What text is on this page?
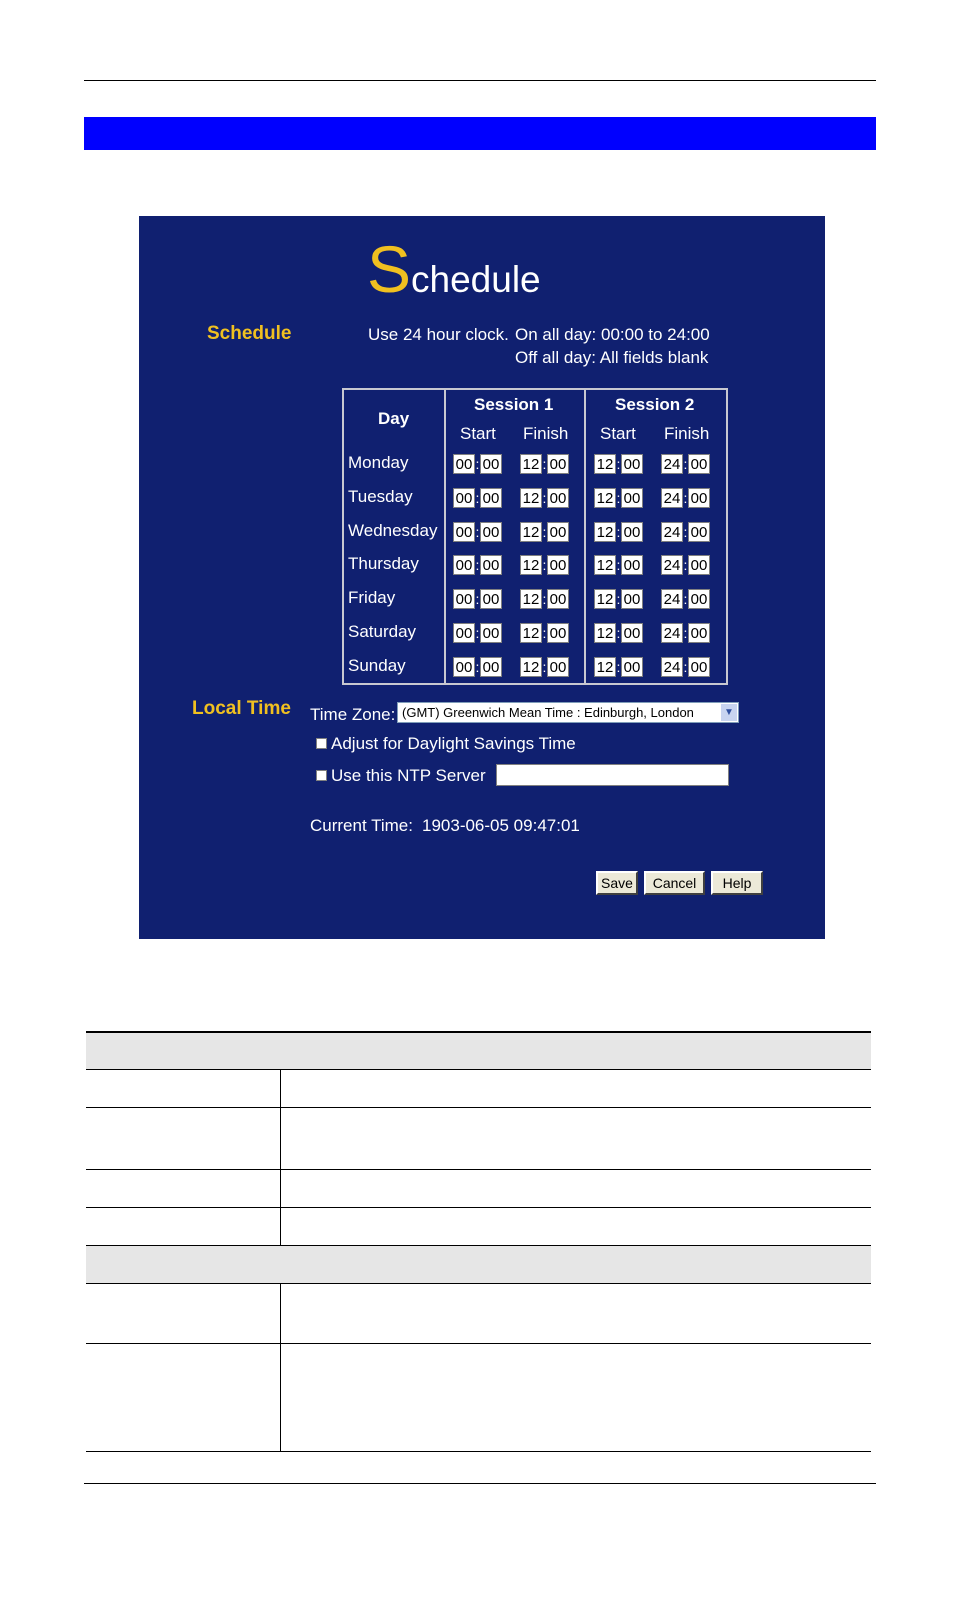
Schedule
Schedule	Use 24 hour clock. On all day: 00:00 to 24:00
Off all day: All fields blank
Day
Session 1	Session 2
Start Finish Start Finish
Monday	00 : 00 12 : 00 12 : 00 24 : 00
Tuesday	00 : 00 12 : 00 12 : 00 24 : 00
Wednesday 00 : 00 12 : 00 12 : 00 24 : 00
Thursday 00 : 00 12 : 00 12 : 00 24 : 00
Friday	00 : 00 12 : 00 12 : 00 24 : 00
Saturday	00 : 00 12 : 00 12 : 00 24 : 00
Sunday	00 : 00 12 : 00 12 : 00 24 : 00
Local Time Time Zone: (GMT) Greenwich Mean Time : Edinburgh, London	▼
Adjust for Daylight Savings Time
Use this NTP Server
Current Time: 1903-06-05 09:47:01
Save	Cancel	Help
